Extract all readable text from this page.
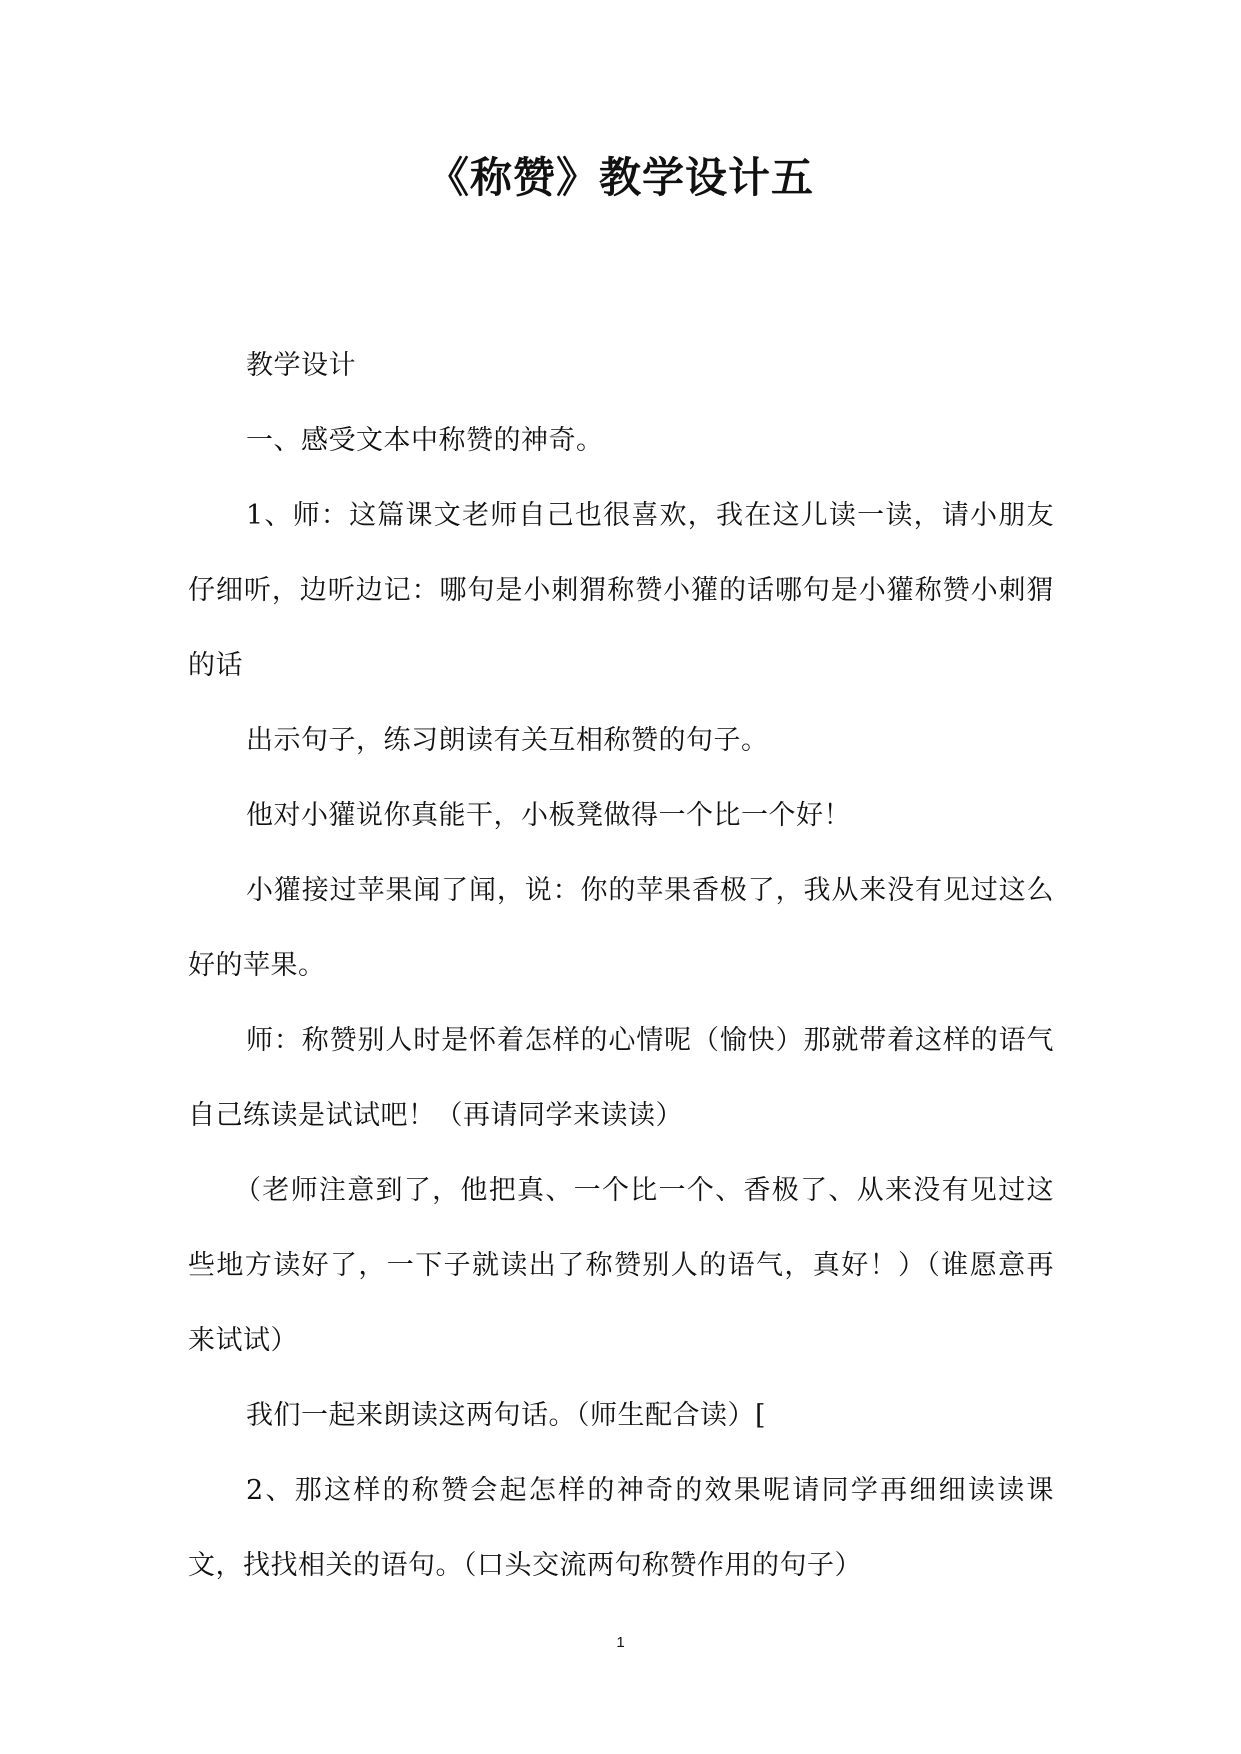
《称赞》教学设计五

教学设计

一、感受文本中称赞的神奇。

1、师：这篇课文老师自己也很喜欢，我在这儿读一读，请小朋友仔细听，边听边记：哪句是小刺猬称赞小獾的话哪句是小獾称赞小刺猬的话

出示句子，练习朗读有关互相称赞的句子。

他对小獾说你真能干，小板凳做得一个比一个好！

小獾接过苹果闻了闻，说：你的苹果香极了，我从来没有见过这么好的苹果。

师：称赞别人时是怀着怎样的心情呢（愉快）那就带着这样的语气自己练读是试试吧！（再请同学来读读）

（老师注意到了，他把真、一个比一个、香极了、从来没有见过这些地方读好了，一下子就读出了称赞别人的语气，真好！）（谁愿意再来试试）

我们一起来朗读这两句话。（师生配合读）[

2、那这样的称赞会起怎样的神奇的效果呢请同学再细细读读课文，找找相关的语句。（口头交流两句称赞作用的句子）

1
